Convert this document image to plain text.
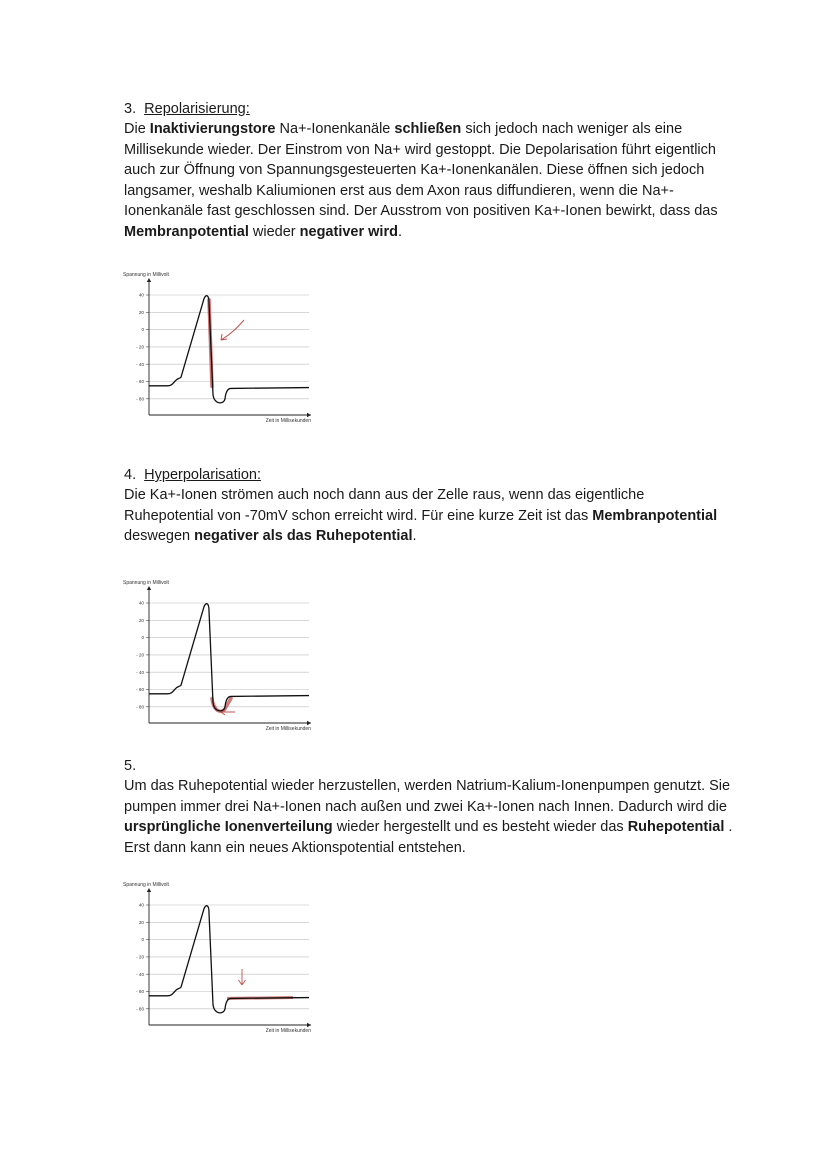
3. Repolarisierung:

Die Inaktivierungstore Na+-Ionenkanäle schließen sich jedoch nach weniger als eine Millisekunde wieder. Der Einstrom von Na+ wird gestoppt. Die Depolarisation führt eigentlich auch zur Öffnung von Spannungsgesteuerten Ka+-Ionenkanälen. Diese öffnen sich jedoch langsamer, weshalb Kaliumionen erst aus dem Axon raus diffundieren, wenn die Na+-Ionenkanäle fast geschlossen sind. Der Ausstrom von positiven Ka+-Ionen bewirkt, dass das Membranpotential wieder negativer wird.

Spannung in Millivolt
40
20
0
- 20
- 40
- 60
- 80
Zeit in Millisekunden

4. Hyperpolarisation:

Die Ka+-Ionen strömen auch noch dann aus der Zelle raus, wenn das eigentliche Ruhepotential von -70mV schon erreicht wird. Für eine kurze Zeit ist das Membranpotential deswegen negativer als das Ruhepotential.

Spannung in Millivolt
40
20
0
- 20
- 40
- 60
- 80
Zeit in Millisekunden

5.

Um das Ruhepotential wieder herzustellen, werden Natrium-Kalium-Ionenpumpen genutzt. Sie pumpen immer drei Na+-Ionen nach außen und zwei Ka+-Ionen nach Innen. Dadurch wird die ursprüngliche Ionenverteilung wieder hergestellt und es besteht wieder das Ruhepotential . Erst dann kann ein neues Aktionspotential entstehen.

Spannung in Millivolt
40
20
0
- 20
- 40
- 60
- 80
Zeit in Millisekunden
